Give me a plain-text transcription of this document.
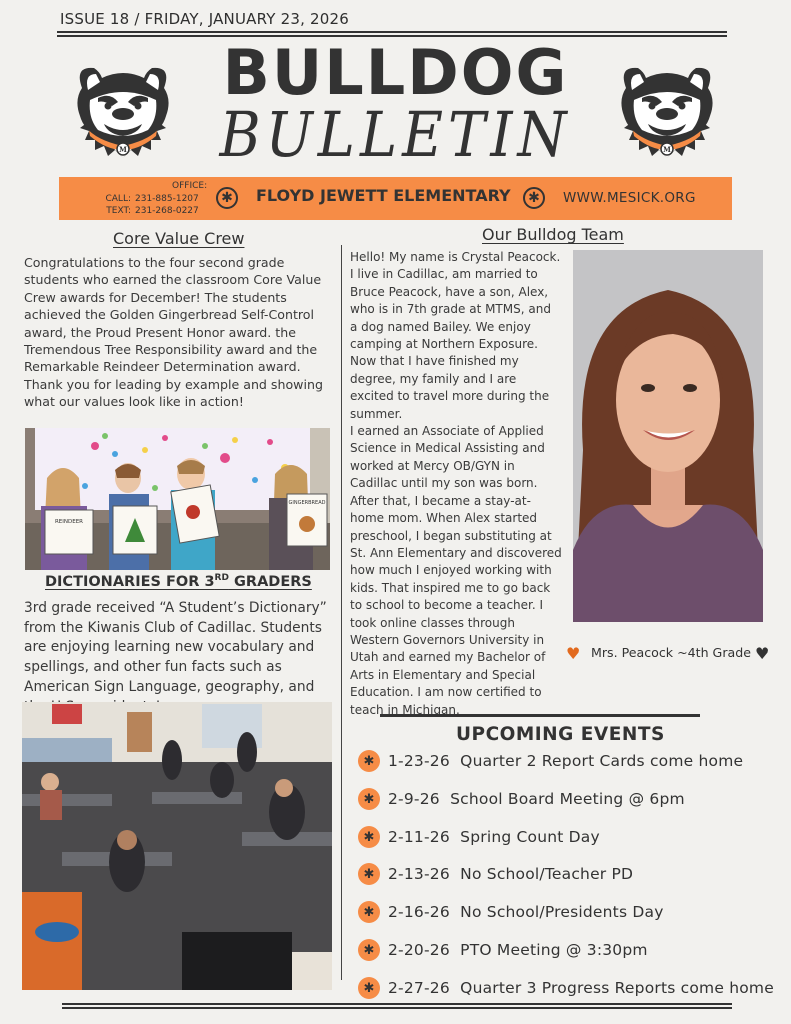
ISSUE 18 / FRIDAY, JANUARY 23, 2026
M
BULLDOG
BULLETIN	M
OFFICE:
CALL: 231-885-1207
TEXT: 231-268-0227
✱	FLOYD JEWETT ELEMENTARY	✱	WWW.MESICK.ORG
Core Value Crew
Congratulations to the four second grade students who earned the classroom Core Value Crew awards for December! The students achieved the Golden Gingerbread Self-Control award, the Proud Present Honor award. the Tremendous Tree Responsibility award and the Remarkable Reindeer Determination award. Thank you for leading by example and showing what our values look like in action!
REINDEER
GINGERBREAD
DICTIONARIES FOR 3RD GRADERS
3rd grade received “A Student’s Dictionary” from the Kiwanis Club of Cadillac. Students are enjoying learning new vocabulary and spellings, and other fun facts such as American Sign Language, geography, and
Our Bulldog Team
Hello! My name is Crystal Peacock. I live in Cadillac, am married to Bruce Peacock, have a son, Alex, who is in 7th grade at MTMS, and a dog named Bailey. We enjoy camping at Northern Exposure. Now that I have finished my degree, my family and I are excited to travel more during the summer.
I earned an Associate of Applied Science in Medical Assisting and worked at Mercy OB/GYN in Cadillac until my son was born. After that, I became a stay-at-home mom. When Alex started preschool, I began substituting at St. Ann Elementary and discovered how much I enjoyed working with kids. That inspired me to go back to school to become a teacher. I took online classes through Western Governors University in Utah and earned my Bachelor of Arts in Elementary and Special Education. I am now certified to teach in Michigan.
♥ Mrs. Peacock ~4th Grade ♥
UPCOMING EVENTS
✱ 1-23-26 Quarter 2 Report Cards come home
✱ 2-9-26 School Board Meeting @ 6pm
✱ 2-11-26 Spring Count Day
✱ 2-13-26 No School/Teacher PD
✱ 2-16-26 No School/Presidents Day
✱ 2-20-26 PTO Meeting @ 3:30pm
✱ 2-27-26 Quarter 3 Progress Reports come home
